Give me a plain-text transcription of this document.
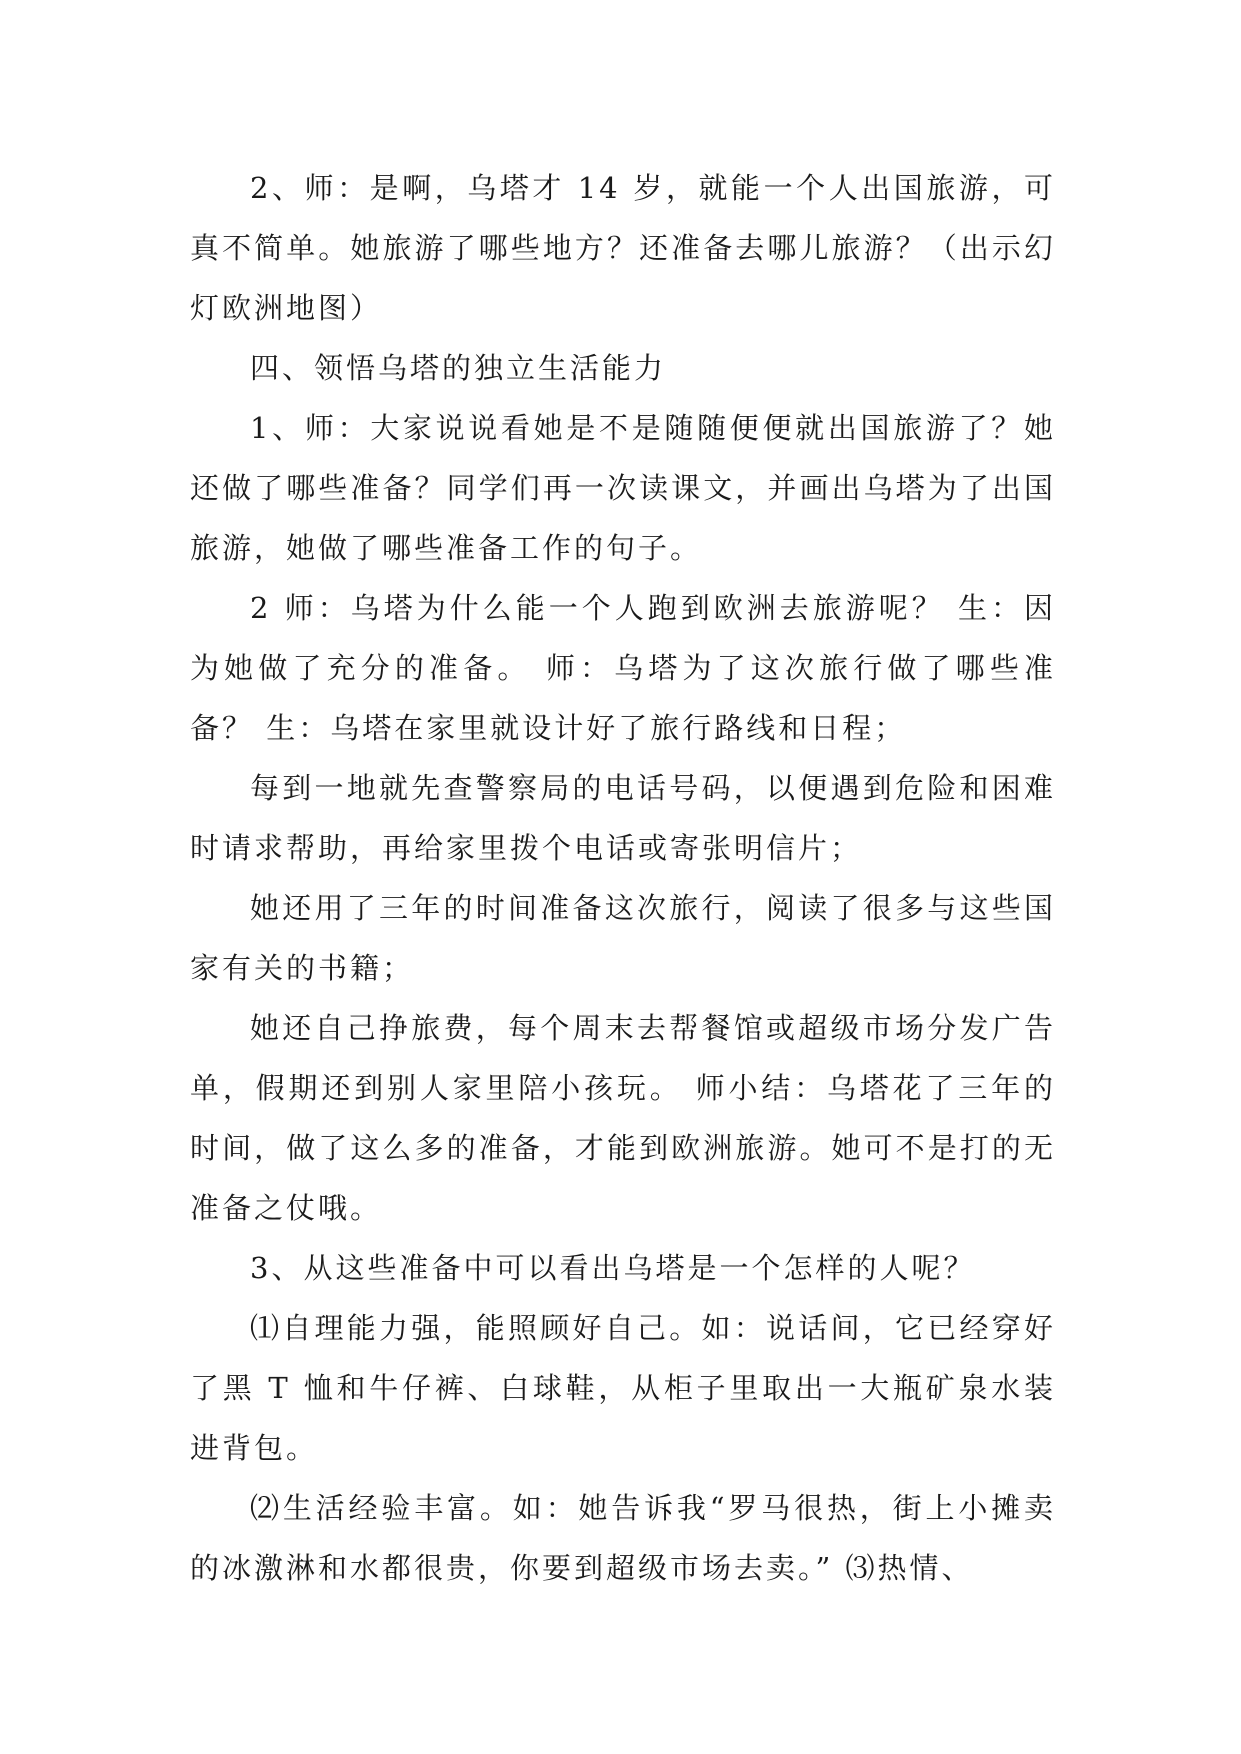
2、师：是啊，乌塔才 14 岁，就能一个人出国旅游，可真不简单。她旅游了哪些地方？还准备去哪儿旅游？（出示幻灯欧洲地图）

四、领悟乌塔的独立生活能力

1、师：大家说说看她是不是随随便便就出国旅游了？她还做了哪些准备？同学们再一次读课文，并画出乌塔为了出国旅游，她做了哪些准备工作的句子。

2 师：乌塔为什么能一个人跑到欧洲去旅游呢？ 生：因为她做了充分的准备。 师：乌塔为了这次旅行做了哪些准备？ 生：乌塔在家里就设计好了旅行路线和日程；

每到一地就先查警察局的电话号码，以便遇到危险和困难时请求帮助，再给家里拨个电话或寄张明信片；

她还用了三年的时间准备这次旅行，阅读了很多与这些国家有关的书籍；

她还自己挣旅费，每个周末去帮餐馆或超级市场分发广告单，假期还到别人家里陪小孩玩。 师小结：乌塔花了三年的时间，做了这么多的准备，才能到欧洲旅游。她可不是打的无准备之仗哦。

3、从这些准备中可以看出乌塔是一个怎样的人呢？

⑴自理能力强，能照顾好自己。如：说话间，它已经穿好了黑 T 恤和牛仔裤、白球鞋，从柜子里取出一大瓶矿泉水装进背包。

⑵生活经验丰富。如：她告诉我“罗马很热，街上小摊卖的冰激淋和水都很贵，你要到超级市场去卖。” ⑶热情、
